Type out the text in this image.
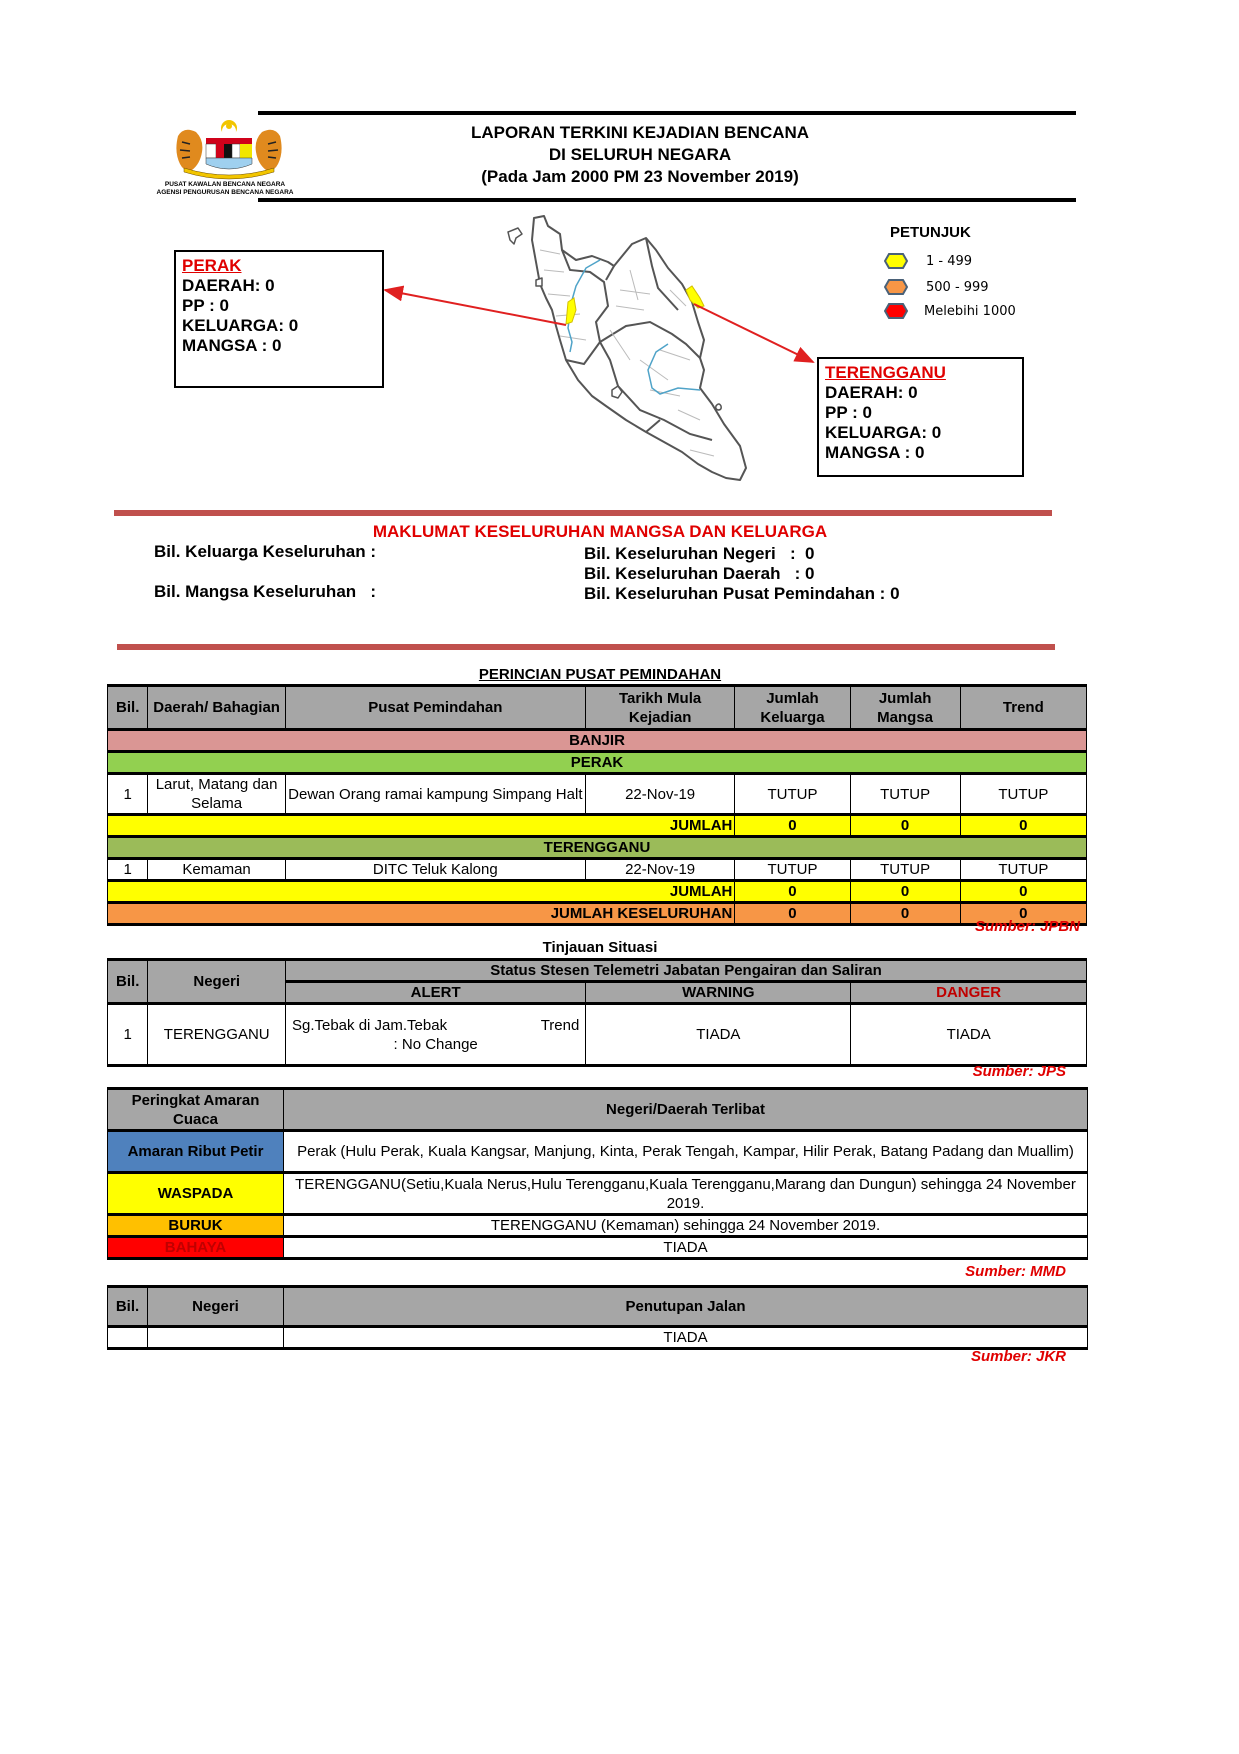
PUSAT KAWALAN BENCANA NEGARA
AGENSI PENGURUSAN BENCANA NEGARA
LAPORAN TERKINI KEJADIAN BENCANA
DI SELURUH NEGARA
(Pada Jam 2000 PM 23 November 2019)
PERAK
DAERAH: 0
PP : 0
KELUARGA: 0
MANGSA : 0
TERENGGANU
DAERAH: 0
PP : 0
KELUARGA: 0
MANGSA : 0
PETUNJUK
1 - 499
500 - 999
Melebihi 1000
MAKLUMAT KESELURUHAN MANGSA DAN KELUARGA
Bil. Keluarga Keseluruhan :
Bil. Mangsa Keseluruhan   :
Bil. Keseluruhan Negeri   :  0
Bil. Keseluruhan Daerah   : 0
Bil. Keseluruhan Pusat Pemindahan : 0
PERINCIAN PUSAT PEMINDAHAN
Bil.	Daerah/ Bahagian	Pusat Pemindahan	Tarikh Mula Kejadian	Jumlah Keluarga	Jumlah Mangsa	Trend
BANJIR						
PERAK						
1	Larut, Matang dan Selama	Dewan Orang ramai kampung Simpang Halt	22-Nov-19	TUTUP	TUTUP	TUTUP
JUMLAH				0	0	0
TERENGGANU						
1	Kemaman	DITC Teluk Kalong	22-Nov-19	TUTUP	TUTUP	TUTUP
JUMLAH				0	0	0
JUMLAH KESELURUHAN				0	0	0
Sumber: JPBN
Tinjauan Situasi
Bil.	Negeri	Status Stesen Telemetri Jabatan Pengairan dan Saliran		
		ALERT	WARNING	DANGER
1	TERENGGANU	Sg.Tebak di Jam.Tebak Trend
: No Change	TIADA	TIADA
Sumber: JPS
Peringkat Amaran Cuaca	Negeri/Daerah Terlibat
Amaran Ribut Petir	Perak (Hulu Perak, Kuala Kangsar, Manjung, Kinta, Perak Tengah, Kampar, Hilir Perak, Batang Padang dan Muallim)
WASPADA	TERENGGANU(Setiu,Kuala Nerus,Hulu Terengganu,Kuala Terengganu,Marang dan Dungun) sehingga 24 November 2019.
BURUK	TERENGGANU (Kemaman) sehingga 24 November 2019.
BAHAYA	TIADA
Sumber: MMD
Bil.	Negeri	Penutupan Jalan
		TIADA
Sumber: JKR
